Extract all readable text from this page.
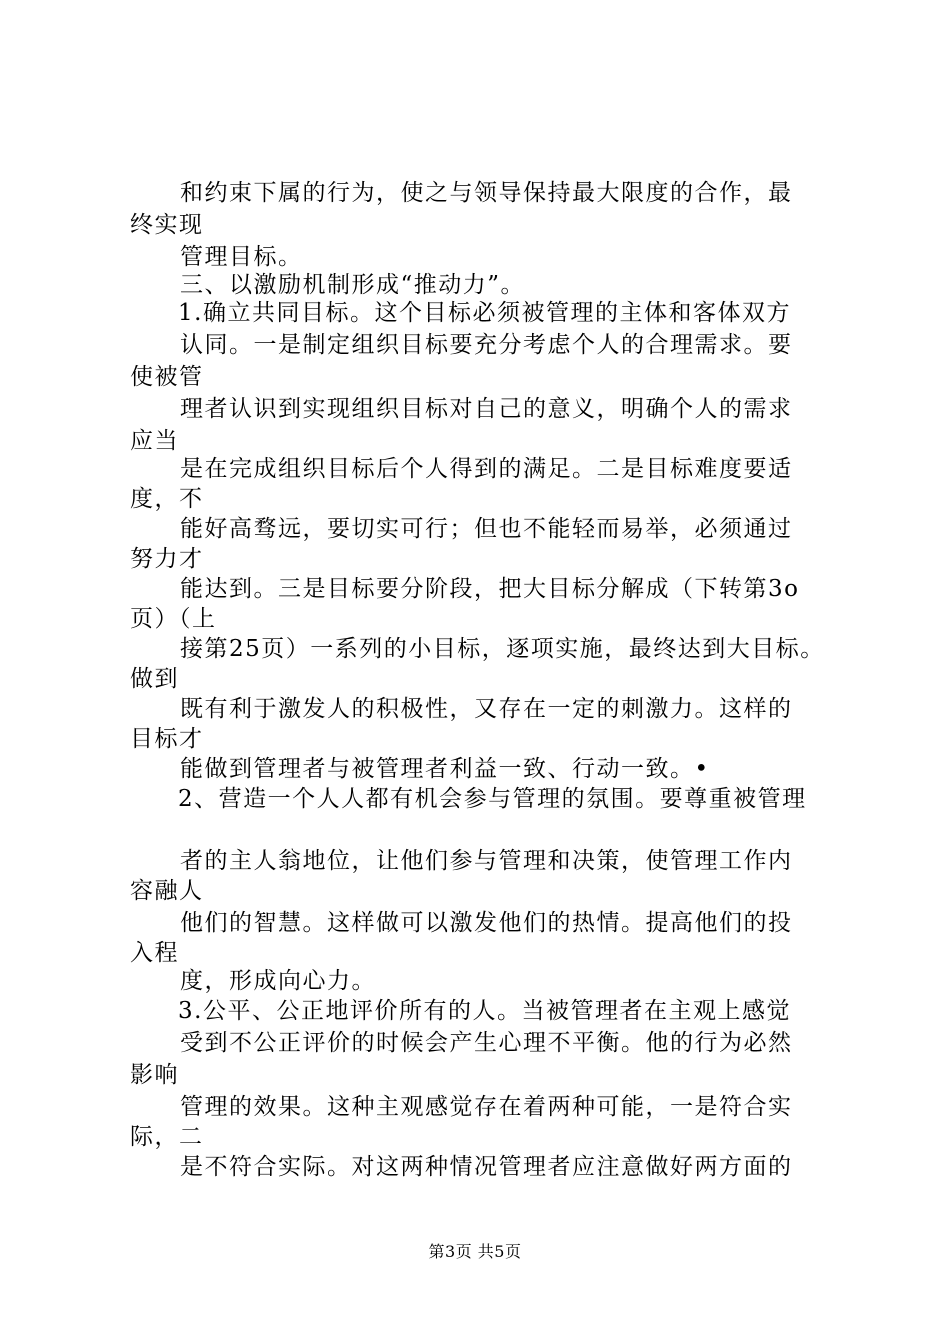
和约束下属的行为，使之与领导保持最大限度的合作，最
终实现
管理目标。
三、以激励机制形成“推动力”。
1.确立共同目标。这个目标必须被管理的主体和客体双方
认同。一是制定组织目标要充分考虑个人的合理需求。要
使被管
理者认识到实现组织目标对自己的意义，明确个人的需求
应当
是在完成组织目标后个人得到的满足。二是目标难度要适
度，不
能好高骛远，要切实可行；但也不能轻而易举，必须通过
努力才
能达到。三是目标要分阶段，把大目标分解成（下转第3o
页）（上
接第25页）一系列的小目标，逐项实施，最终达到大目标。
做到
既有利于激发人的积极性，又存在一定的刺激力。这样的
目标才
能做到管理者与被管理者利益一致、行动一致。•
2、营造一个人人都有机会参与管理的氛围。要尊重被管理
者的主人翁地位，让他们参与管理和决策，使管理工作内
容融人
他们的智慧。这样做可以激发他们的热情。提高他们的投
入程
度，形成向心力。
3.公平、公正地评价所有的人。当被管理者在主观上感觉
受到不公正评价的时候会产生心理不平衡。他的行为必然
影响
管理的效果。这种主观感觉存在着两种可能，一是符合实
际，二
是不符合实际。对这两种情况管理者应注意做好两方面的
第3页 共5页
